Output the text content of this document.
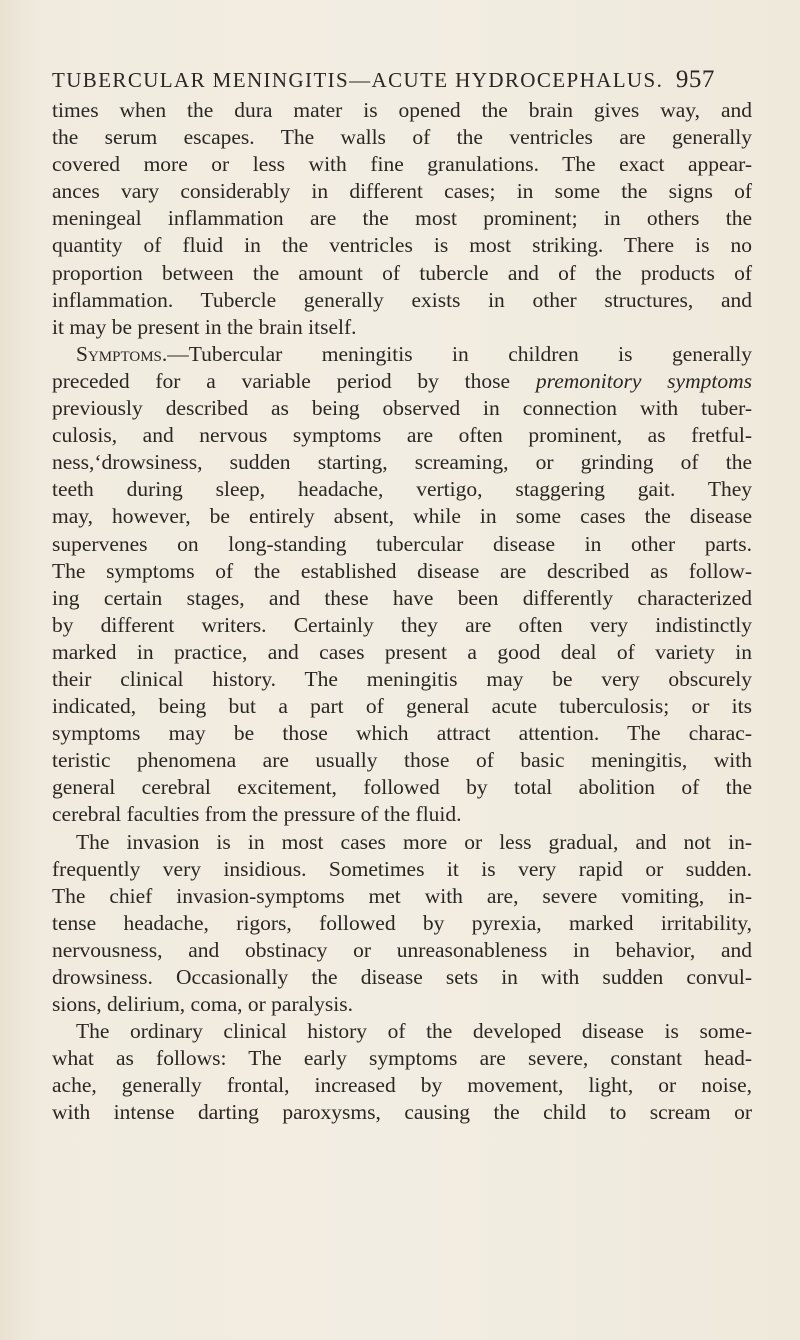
TUBERCULAR MENINGITIS—ACUTE HYDROCEPHALUS. 957
times when the dura mater is opened the brain gives way, and
the serum escapes. The walls of the ventricles are generally
covered more or less with fine granulations. The exact appear-
ances vary considerably in different cases; in some the signs of
meningeal inflammation are the most prominent; in others the
quantity of fluid in the ventricles is most striking. There is no
proportion between the amount of tubercle and of the products of
inflammation. Tubercle generally exists in other structures, and
it may be present in the brain itself.
Symptoms.—Tubercular meningitis in children is generally
preceded for a variable period by those premonitory symptoms
previously described as being observed in connection with tuber-
culosis, and nervous symptoms are often prominent, as fretful-
ness,‘drowsiness, sudden starting, screaming, or grinding of the
teeth during sleep, headache, vertigo, staggering gait. They
may, however, be entirely absent, while in some cases the disease
supervenes on long-standing tubercular disease in other parts.
The symptoms of the established disease are described as follow-
ing certain stages, and these have been differently characterized
by different writers. Certainly they are often very indistinctly
marked in practice, and cases present a good deal of variety in
their clinical history. The meningitis may be very obscurely
indicated, being but a part of general acute tuberculosis; or its
symptoms may be those which attract attention. The charac-
teristic phenomena are usually those of basic meningitis, with
general cerebral excitement, followed by total abolition of the
cerebral faculties from the pressure of the fluid.
The invasion is in most cases more or less gradual, and not in-
frequently very insidious. Sometimes it is very rapid or sudden.
The chief invasion-symptoms met with are, severe vomiting, in-
tense headache, rigors, followed by pyrexia, marked irritability,
nervousness, and obstinacy or unreasonableness in behavior, and
drowsiness. Occasionally the disease sets in with sudden convul-
sions, delirium, coma, or paralysis.
The ordinary clinical history of the developed disease is some-
what as follows: The early symptoms are severe, constant head-
ache, generally frontal, increased by movement, light, or noise,
with intense darting paroxysms, causing the child to scream or
